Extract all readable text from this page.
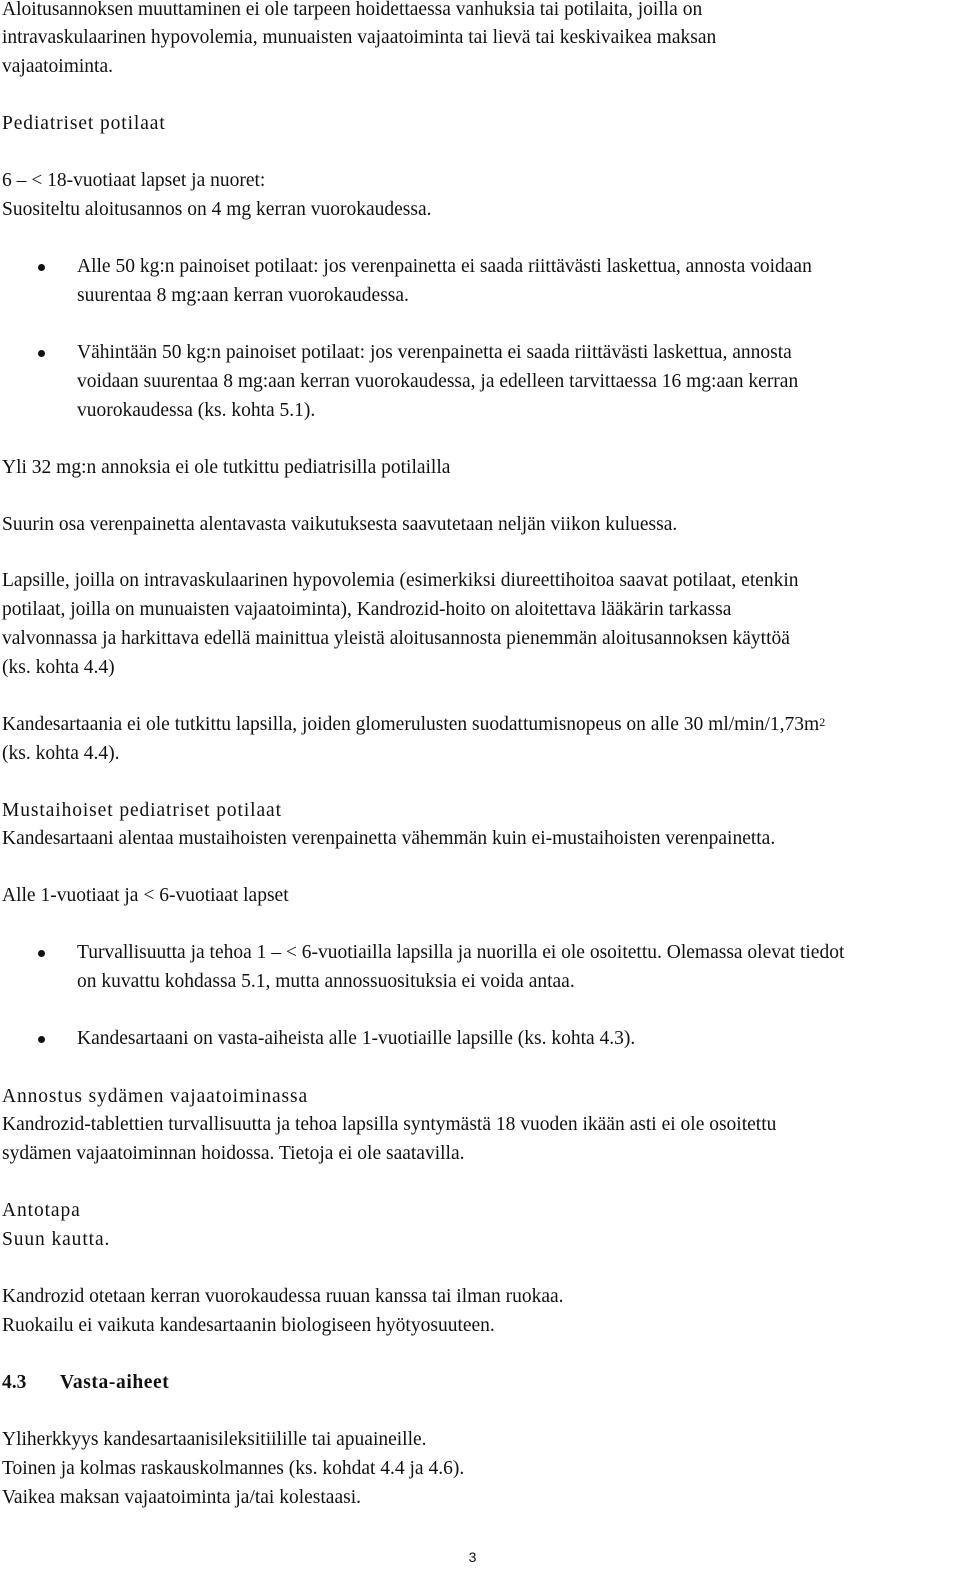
Aloitusannoksen muuttaminen ei ole tarpeen hoidettaessa vanhuksia tai potilaita, joilla on
intravaskulaarinen hypovolemia, munuaisten vajaatoiminta tai lievä tai keskivaikea maksan
vajaatoiminta.
Pediatriset potilaat
6 – < 18-vuotiaat lapset ja nuoret:
Suositeltu aloitusannos on 4 mg kerran vuorokaudessa.
Alle 50 kg:n painoiset potilaat: jos verenpainetta ei saada riittävästi laskettua, annosta voidaan
suurentaa 8 mg:aan kerran vuorokaudessa.
Vähintään 50 kg:n painoiset potilaat: jos verenpainetta ei saada riittävästi laskettua, annosta
voidaan suurentaa 8 mg:aan kerran vuorokaudessa, ja edelleen tarvittaessa 16 mg:aan kerran
vuorokaudessa (ks. kohta 5.1).
Yli 32 mg:n annoksia ei ole tutkittu pediatrisilla potilailla
Suurin osa verenpainetta alentavasta vaikutuksesta saavutetaan neljän viikon kuluessa.
Lapsille, joilla on intravaskulaarinen hypovolemia (esimerkiksi diureettihoitoa saavat potilaat, etenkin
potilaat, joilla on munuaisten vajaatoiminta), Kandrozid-hoito on aloitettava lääkärin tarkassa
valvonnassa ja harkittava edellä mainittua yleistä aloitusannosta pienemmän aloitusannoksen käyttöä
(ks. kohta 4.4)
Kandesartaania ei ole tutkittu lapsilla, joiden glomerulusten suodattumisnopeus on alle 30 $ml/\min/1,73m^2$
(ks. kohta 4.4).
Mustaihoiset pediatriset potilaat
Kandesartaani alentaa mustaihoisten verenpainetta vähemmän kuin ei-mustaihoisten verenpainetta.
Alle 1-vuotiaat ja < 6-vuotiaat lapset
Turvallisuutta ja tehoa 1 – < 6-vuotiailla lapsilla ja nuorilla ei ole osoitettu. Olemassa olevat tiedot
on kuvattu kohdassa 5.1, mutta annossuosituksia ei voida antaa.
Kandesartaani on vasta-aiheista alle 1-vuotiaille lapsille (ks. kohta 4.3).
Annostus sydämen vajaatoiminassa
Kandrozid-tablettien turvallisuutta ja tehoa lapsilla syntymästä 18 vuoden ikään asti ei ole osoitettu
sydämen vajaatoiminnan hoidossa. Tietoja ei ole saatavilla.
Antotapa
Suun kautta.
Kandrozid otetaan kerran vuorokaudessa ruuan kanssa tai ilman ruokaa.
Ruokailu ei vaikuta kandesartaanin biologiseen hyötyosuuteen.
4.3 Vasta-aiheet
Yliherkkyys kandesartaanisileksitiilille tai apuaineille.
Toinen ja kolmas raskauskolmannes (ks. kohdat 4.4 ja 4.6).
Vaikea maksan vajaatoiminta ja/tai kolestaasi.
3
